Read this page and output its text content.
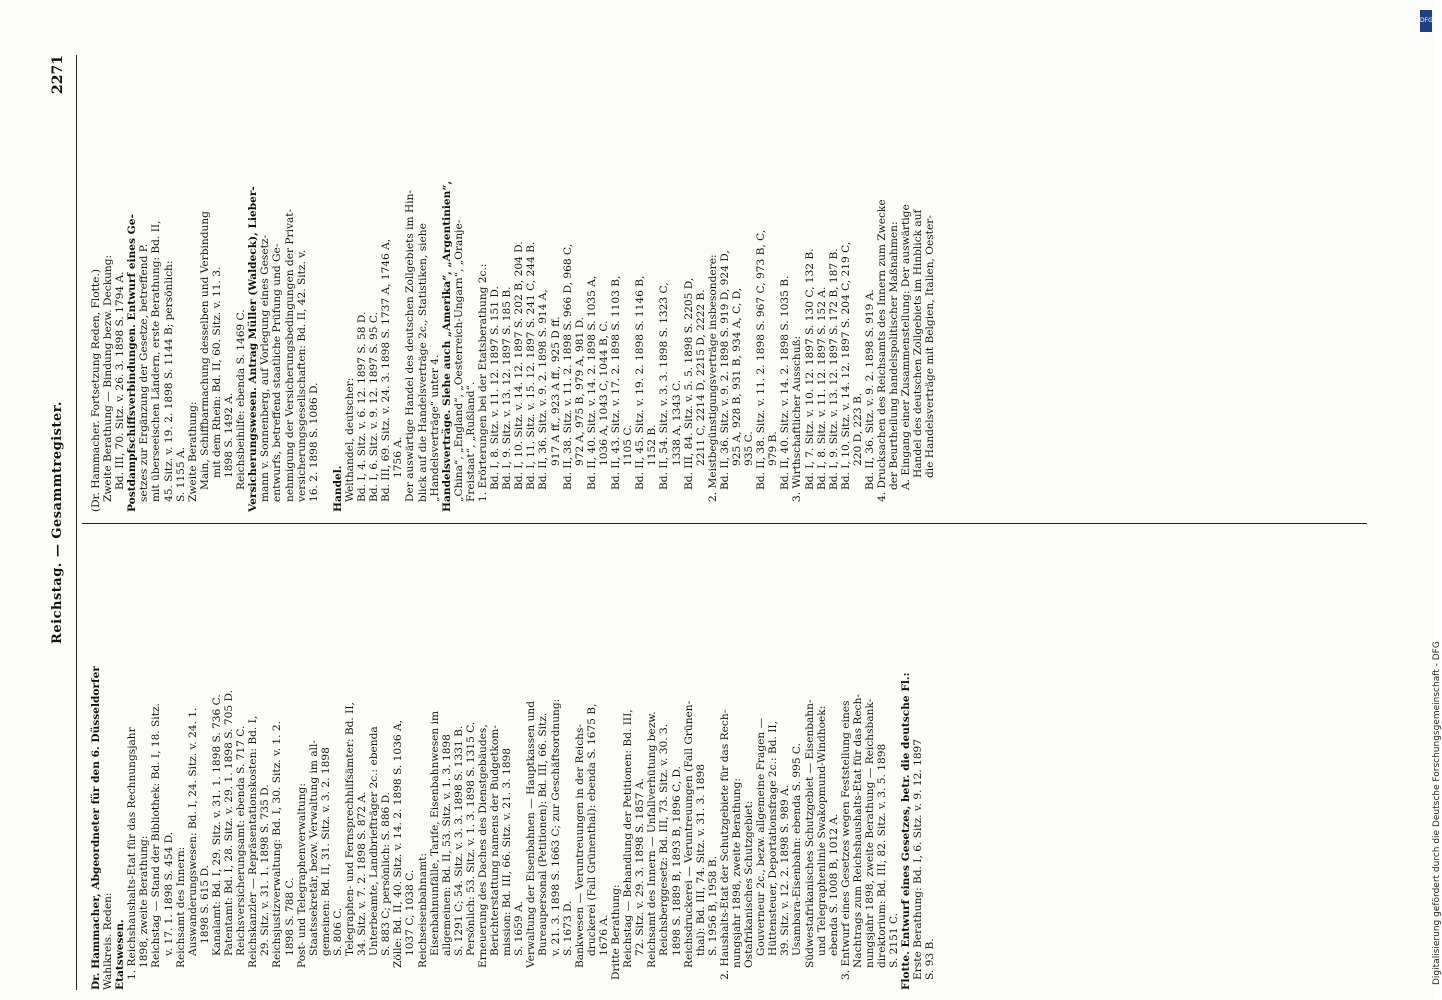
Reichstag. — Gesammtregister.
2271
Dr. Hammacher, Abgeordneter für den 6. Düsseldorfer Wahlkreis. Reden: Etatswesen. 1. Reichshaushalts-Etat für das Rechnungsjahr 1898, zweite Berathung: Reichstag — Stand der Bibliothek: Bd. I, 18. Sitz. v. 17. 1. 1898 S. 454 D. Reichsamt des Innern: Auswanderungswesen: Bd. I, 24. Sitz. v. 24. 1. 1898 S. 615 D. Kanalamt: Bd. I, 29. Sitz. v. 31. 1. 1898 S. 736 C. Patentamt: Bd. I, 28. Sitz. v. 29. 1. 1898 S. 705 D. Reichsversicherungsamt: ebenda S. 717 C. Reichskanzler — Repräsentationskosten: Bd. I, 29. Sitz. v. 31. 1. 1898 S. 735 D. Reichsjustizverwaltung: Bd. I, 30. Sitz. v. 1. 2. 1898 S. 788 C. Post- und Telegraphenverwaltung: Staatssekretär, bezw. Verwaltung im all- gemeinen: Bd. II, 31. Sitz. v. 3. 2. 1898 S. 806 C. Telegraphen- und Fernsprechhilfsämter: Bd. II, 34. Sitz. v. 7. 2. 1898 S. 872 A. Unterbeamte, Landbriefträger 2c.: ebenda S. 883 C; persönlich: S. 886 D. Zölle: Bd. II, 40. Sitz. v. 14. 2. 1898 S. 1036 A, 1037 C, 1038 C. Reichseisenbahnamt: Eisenbahnunfälle, Tarife, Eisenbahnwesen im allgemeinen: Bd. II, 53. Sitz. v. 1. 3. 1898 S. 1291 C; 54. Sitz. v. 3. 3. 1898 S. 1331 B. Persönlich: 53. Sitz. v. 1. 3. 1898 S. 1315 C. Erneuerung des Daches des Dienstgebäudes, Berichterstattung namens der Budgetkom- mission: Bd. III, 66. Sitz. v. 21. 3. 1898 S. 1659 A. Verwaltung der Eisenbahnen — Hauptkassen und Bureaupersonal (Petitionen): Bd. III, 66. Sitz. v. 21. 3. 1898 S. 1663 C; zur Geschäftsordnung: S. 1673 D. Bankwesen — Veruntreuungen in der Reichs- druckerei (Fall Grünenthal): ebenda S. 1675 B, 1676 A. Dritte Berathung: Reichstag — Behandlung der Petitionen: Bd. III, 72. Sitz. v. 29. 3. 1898 S. 1857 A. Reichsamt des Innern — Unfallverhütung bezw. Reichsberggesetz: Bd. III, 73. Sitz. v. 30. 3. 1898 S. 1889 B, 1893 B, 1896 C, D. Reichsdruckerei — Veruntreuungen (Fall Grünen- thal): Bd. III, 74. Sitz. v. 31. 3. 1898 S. 1956 B, 1958 B. 2. Haushalts-Etat der Schutzgebiete für das Rech- nungsjahr 1898, zweite Berathung: Ostafrikanisches Schutzgebiet: Gouverneur 2c., bezw. allgemeine Fragen — Hüttensteuer, Deportationsfrage 2c.: Bd. II, 39. Sitz. v. 12. 2. 1898 S. 989 A. Usambara-Eisenbahn: ebenda S. 995 C. Südwestafrikanisches Schutzgebiet — Eisenbahn- und Telegraphenlinie Swakopmund-Windhoek: ebenda S. 1008 B, 1012 A. 3. Entwurf eines Gesetzes wegen Feststellung eines Nachtrags zum Reichshaushalts-Etat für das Rech- nungsjahr 1898, zweite Berathung — Reichsbank- direktorium: Bd. III, 82. Sitz. v. 3. 5. 1898 S. 2151 C. Flotte. Entwurf eines Gesetzes, betr. die deutsche Fl.: Erste Berathung: Bd. I, 6. Sitz. v. 9. 12. 1897 S. 93 B.
(Dr. Hammacher. Fortsetzung Reden, Flotte.) Zweite Berathung — Bindung bezw. Deckung: Bd. III, 70. Sitz. v. 26. 3. 1898 S. 1794 A. Postdampfschiffsverbindungen. Entwurf eines Ge- setzes zur Ergänzung der Gesetze, betreffend P. mit überseeischen Ländern, erste Berathung: Bd. II, 45. Sitz. v. 19. 2. 1898 S. 1144 B; persönlich: S. 1155 A. Zweite Berathung: Main, Schiffbarmachung desselben und Verbindung mit dem Rhein: Bd. II, 60. Sitz. v. 11. 3. 1898 S. 1492 A. Reichsbeihilfe: ebenda S. 1469 C. Versicherungswesen. Antrag Müller (Waldeck), Lieber- mann v. Sonnenberg, auf Vorlegung eines Gesetz- entwurfs, betreffend staatliche Prüfung und Ge- nehmigung der Versicherungsbedingungen der Privat- versicherungsgesellschaften: Bd. II, 42. Sitz. v. 16. 2. 1898 S. 1086 D.
Handel. Welthandel, deutscher: Bd. I, 4. Sitz. v. 6. 12. 1897 S. 58 D. Bd. I, 6. Sitz. v. 9. 12. 1897 S. 95 C. Bd. III, 69. Sitz. v. 24. 3. 1898 S. 1737 A, 1746 A, 1756 A. Der auswärtige Handel des deutschen Zollgebiets im Hin- blick auf die Handelsverträge 2c., Statistiken, siehe „Handelsverträge“ unter 4. Handelsverträge. Siehe auch „Amerika“, „Argentinien“, „China“, „England“, „Oesterreich-Ungarn“, „Oranje- Freistaat“, „Rußland“. 1. Erörterungen bei der Etatsberathung 2c.: Bd. I, 8. Sitz. v. 11. 12. 1897 S. 151 D. Bd. I, 9. Sitz. v. 13. 12. 1897 S. 185 B. Bd. I, 10. Sitz. v. 14. 12. 1897 S. 202 B, 204 D. Bd. I, 11. Sitz. v. 15. 12. 1897 S. 241 C, 244 B. Bd. II, 36. Sitz. v. 9. 2. 1898 S. 914 A, 917 A ff., 923 A ff., 925 D ff. Bd. II, 38. Sitz. v. 11. 2. 1898 S. 966 D, 968 C, 972 A, 975 B, 979 A, 981 D. Bd. II, 40. Sitz. v. 14. 2. 1898 S. 1035 A, 1036 A, 1043 C, 1044 B, C. Bd. II, 43. Sitz. v. 17. 2. 1898 S. 1103 B, 1105 C. Bd. II, 45. Sitz. v. 19. 2. 1898 S. 1146 B, 1152 B. Bd. II, 54. Sitz. v. 3. 3. 1898 S. 1323 C, 1338 A, 1343 C. Bd. III, 84. Sitz. v. 5. 5. 1898 S. 2205 D, 2211 C, 2214 D, 2215 D, 2222 B. 2. Meistbegünstigungsverträge insbesondere: Bd. II, 36. Sitz. v. 9. 2. 1898 S. 919 D, 924 D, 925 A, 928 B, 931 B, 934 A, C, D, 935 C. Bd. II, 38. Sitz. v. 11. 2. 1898 S. 967 C, 973 B, C, 979 B. Bd. II, 40. Sitz. v. 14. 2. 1898 S. 1035 B. 3. Wirthschaftlicher Ausschuß: Bd. I, 7. Sitz. v. 10. 12. 1897 S. 130 C, 132 B. Bd. I, 8. Sitz. v. 11. 12. 1897 S. 152 A. Bd. I, 9. Sitz. v. 13. 12. 1897 S. 172 B, 187 B. Bd. I, 10. Sitz. v. 14. 12. 1897 S. 204 C, 219 C, 220 D, 223 B. Bd. II, 36. Sitz. v. 9. 2. 1898 S. 919 A. 4. Drucksachen des Reichsamts des Innern zum Zwecke der Beurtheilung handelspolitischer Maßnahmen: A. Eingang einer Zusammenstellung: Der auswärtige Handel des deutschen Zollgebiets im Hinblick auf die Handelsverträge mit Belgien, Italien, Oester-
DFG
Digitalisierung gefördert durch die Deutsche Forschungsgemeinschaft - DFG
